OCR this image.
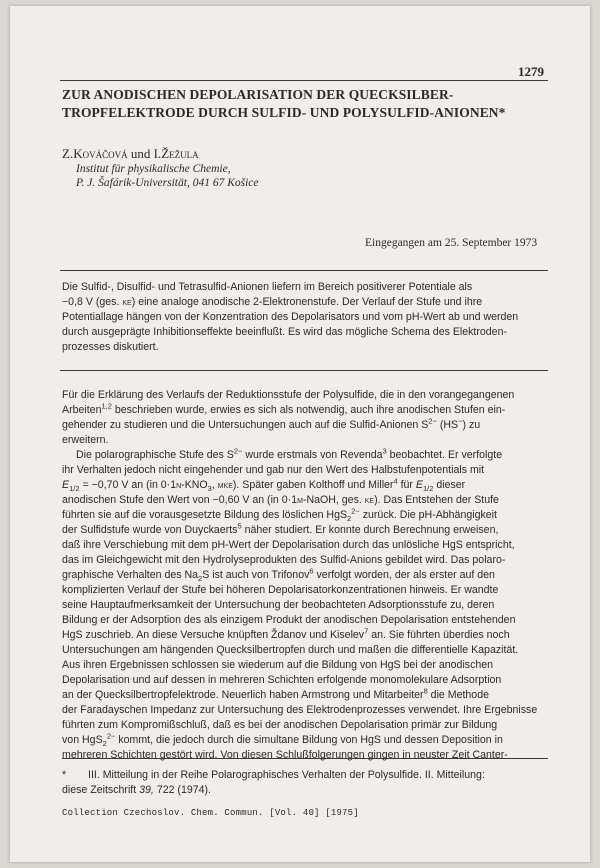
1279
ZUR ANODISCHEN DEPOLARISATION DER QUECKSILBER-
TROPFELEKTRODE DURCH SULFID- UND POLYSULFID-ANIONEN*
Z.Kováčová und I.Žežula
Institut für physikalische Chemie,
P. J. Šafárik-Universität, 041 67 Košice
Eingegangen am 25. September 1973
Die Sulfid-, Disulfid- und Tetrasulfid-Anionen liefern im Bereich positiverer Potentiale als
−0,8 V (ges. ke) eine analoge anodische 2-Elektronenstufe. Der Verlauf der Stufe und ihre
Potentiallage hängen von der Konzentration des Depolarisators und vom pH-Wert ab und werden
durch ausgeprägte Inhibitionseffekte beeinflußt. Es wird das mögliche Schema des Elektroden-
prozesses diskutiert.

Für die Erklärung des Verlaufs der Reduktionsstufe der Polysulfide, die in den vorangegangenen
Arbeiten$^{1,2}$ beschrieben wurde, erwies es sich als notwendig, auch ihre anodischen Stufen ein-
gehender zu studieren und die Untersuchungen auch auf die Sulfid-Anionen $S^{2-}$ (HS−) zu
erweitern.

Die polarographische Stufe des $S^{2-}$ wurde erstmals von Revenda$^3$ beobachtet. Er verfolgte
ihr Verhalten jedoch nicht eingehender und gab nur den Wert des Halbstufenpotentials mit
$E_{1/2} = -0,70$ V an (in $0\cdot 1n-KNO_3$, mke). Später gaben Kolthoff und Miller$^4$ für $E_{1/2}$ dieser
anodischen Stufe den Wert von −0,60 V an (in 0·1m-NaOH, ges. ke). Das Entstehen der Stufe
führten sie auf die vorausgesetzte Bildung des löslichen HgS$_2^{2-}$ zurück. Die pH-Abhängigkeit
der Sulfidstufe wurde von Duyckaerts$^5$ näher studiert. Er konnte durch Berechnung erweisen,
daß ihre Verschiebung mit dem pH-Wert der Depolarisation durch das unlösliche HgS entspricht,
das im Gleichgewicht mit den Hydrolyseprodukten des Sulfid-Anions gebildet wird. Das polaro-
graphische Verhalten des $Na_2S$ ist auch von Trifonov$^6$ verfolgt worden, der als erster auf den
komplizierten Verlauf der Stufe bei höheren Depolarisatorkonzentrationen hinweis. Er wandte
seine Hauptaufmerksamkeit der Untersuchung der beobachteten Adsorptionsstufe zu, deren
Bildung er der Adsorption des als einzigem Produkt der anodischen Depolarisation entstehenden
HgS zuschrieb. An diese Versuche knüpften Ždanov und Kiselev$^7$ an. Sie führten überdies noch
Untersuchungen am hängenden Quecksilbertropfen durch und maßen die differentielle Kapazität.
Aus ihren Ergebnissen schlossen sie wiederum auf die Bildung von HgS bei der anodischen
Depolarisation und auf dessen in mehreren Schichten erfolgende monomolekulare Adsorption
an der Quecksilbertropfelektrode. Neuerlich haben Armstrong und Mitarbeiter$^8$ die Methode
der Faradayschen Impedanz zur Untersuchung des Elektrodenprozesses verwendet. Ihre Ergebnisse
führten zum Kompromißschluß, daß es bei der anodischen Depolarisation primär zur Bildung
von HgS$_2^{2-}$ kommt, die jedoch durch die simultane Bildung von HgS und dessen Deposition in
mehreren Schichten gestört wird. Von diesen Schlußfolgerungen gingen in neuster Zeit Canter-

* III. Mitteilung in der Reihe Polarographisches Verhalten der Polysulfide. II. Mitteilung:
diese Zeitschrift 39, 722 (1974).
Collection Czechoslov. Chem. Commun. [Vol. 40] [1975]
